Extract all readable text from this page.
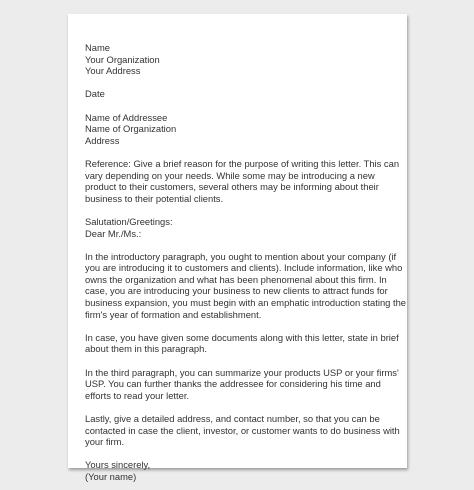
Name
Your Organization
Your Address
Date
Name of Addressee
Name of Organization
Address
Reference: Give a brief reason for the purpose of writing this letter. This can
vary depending on your needs. While some may be introducing a new
product to their customers, several others may be informing about their
business to their potential clients.
Salutation/Greetings:
Dear Mr./Ms.:
In the introductory paragraph, you ought to mention about your company (if
you are introducing it to customers and clients). Include information, like who
owns the organization and what has been phenomenal about this firm. In
case, you are introducing your business to new clients to attract funds for
business expansion, you must begin with an emphatic introduction stating the
firm's year of formation and establishment.
In case, you have given some documents along with this letter, state in brief
about them in this paragraph.
In the third paragraph, you can summarize your products USP or your firms'
USP. You can further thanks the addressee for considering his time and
efforts to read your letter.
Lastly, give a detailed address, and contact number, so that you can be
contacted in case the client, investor, or customer wants to do business with
your firm.
Yours sincerely,
(Your name)
